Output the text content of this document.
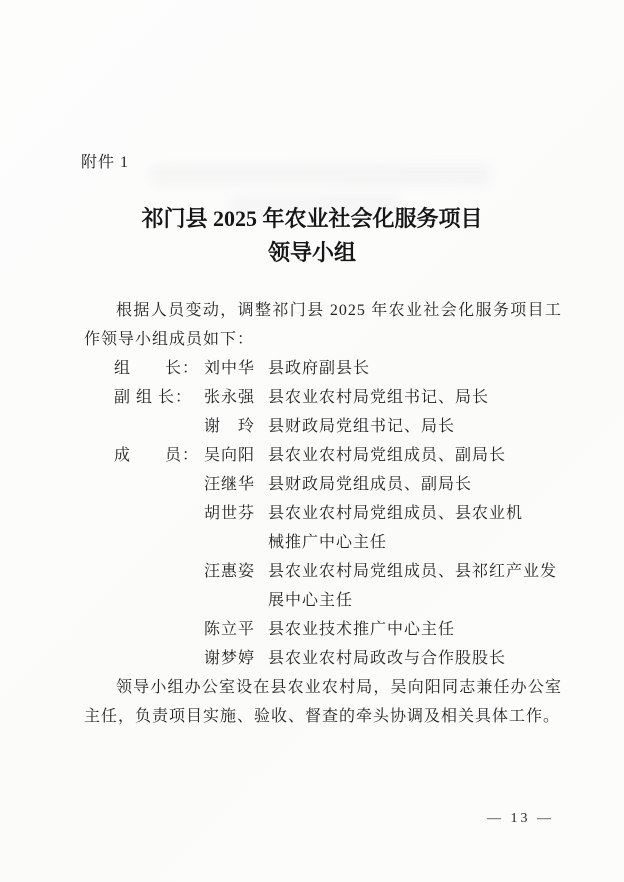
附件 1
祁门县 2025 年农业社会化服务项目
领导小组

根据人员变动，调整祁门县 2025 年农业社会化服务项目工作领导小组成员如下：

组　　长： 刘中华 县政府副县长
副 组 长： 张永强 县农业农村局党组书记、局长
谢　玲 县财政局党组书记、局长
成　　员： 吴向阳 县农业农村局党组成员、副局长
汪继华 县财政局党组成员、副局长
胡世芬 县农业农村局党组成员、县农业机
械推广中心主任
汪惠姿 县农业农村局党组成员、县祁红产业发
展中心主任
陈立平 县农业技术推广中心主任
谢梦婷 县农业农村局政改与合作股股长

领导小组办公室设在县农业农村局，吴向阳同志兼任办公室主任，负责项目实施、验收、督查的牵头协调及相关具体工作。

— 13 —
